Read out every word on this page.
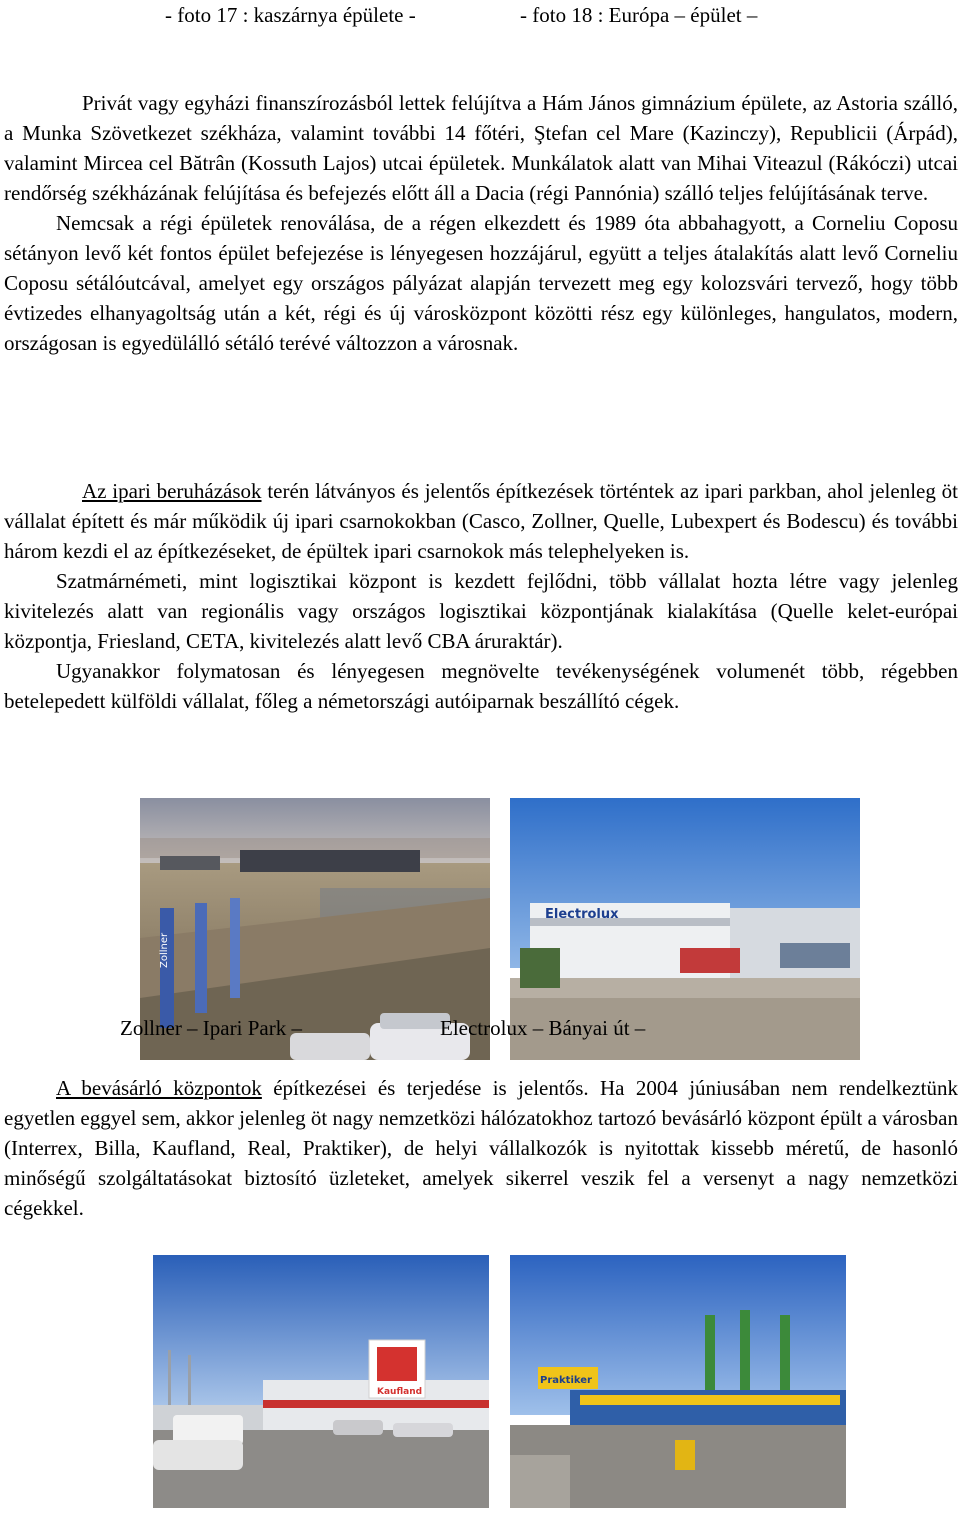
- foto 17 : kaszárnya épülete -	- foto 18 : Európa – épület –

Privát vagy egyházi finanszírozásból lettek felújítva a Hám János gimnázium épülete, az Astoria szálló, a Munka Szövetkezet székháza, valamint további 14 főtéri, Ştefan cel Mare (Kazinczy), Republicii (Árpád), valamint Mircea cel Bătrân (Kossuth Lajos) utcai épületek. Munkálatok alatt van Mihai Viteazul (Rákóczi) utcai rendőrség székházának felújítása és befejezés előtt áll a Dacia (régi Pannónia) szálló teljes felújításának terve.

Nemcsak a régi épületek renoválása, de a régen elkezdett és 1989 óta abbahagyott, a Corneliu Coposu sétányon levő két fontos épület befejezése is lényegesen hozzájárul, együtt a teljes átalakítás alatt levő Corneliu Coposu sétálóutcával, amelyet egy országos pályázat alapján tervezett meg egy kolozsvári tervező, hogy több évtizedes elhanyagoltság után a két, régi és új városközpont közötti rész egy különleges, hangulatos, modern, országosan is egyedülálló sétáló terévé változzon a városnak.

Az ipari beruházások terén látványos és jelentős építkezések történtek az ipari parkban, ahol jelenleg öt vállalat épített és már működik új ipari csarnokokban (Casco, Zollner, Quelle, Lubexpert és Bodescu) és további három kezdi el az építkezéseket, de épültek ipari csarnokok más telephelyeken is.

Szatmárnémeti, mint logisztikai központ is kezdett fejlődni, több vállalat hozta létre vagy jelenleg kivitelezés alatt van regionális vagy országos logisztikai központjának kialakítása (Quelle kelet-európai központja, Friesland, CETA, kivitelezés alatt levő CBA áruraktár).

Ugyanakkor folymatosan és lényegesen megnövelte tevékenységének volumenét több, régebben betelepedett külföldi vállalat, főleg a németországi autóiparnak beszállító cégek.

Zollner
Electrolux
Zollner – Ipari Park –	Electrolux – Bányai út –

A bevásárló központok építkezései és terjedése is jelentős. Ha 2004 júniusában nem rendelkeztünk egyetlen eggyel sem, akkor jelenleg öt nagy nemzetközi hálózatokhoz tartozó bevásárló központ épült a városban (Interrex, Billa, Kaufland, Real, Praktiker), de helyi vállalkozók is nyitottak kissebb méretű, de hasonló minőségű szolgáltatásokat biztosító üzleteket, amelyek sikerrel veszik fel a versenyt a nagy nemzetközi cégekkel.

Kaufland
Praktiker
